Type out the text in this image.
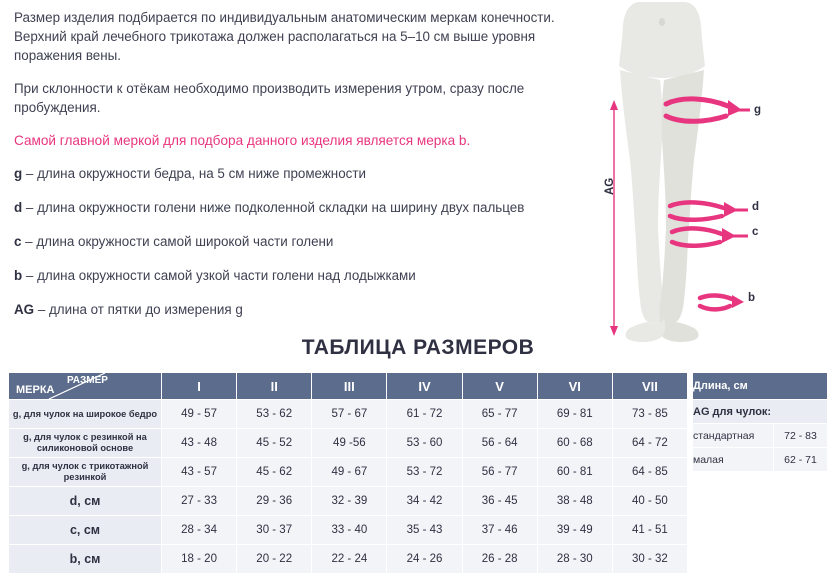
Размер изделия подбирается по индивидуальным анатомическим меркам конечности. Верхний край лечебного трикотажа должен располагаться на 5–10 см выше уровня поражения вены.
При склонности к отёкам необходимо производить измерения утром, сразу после пробуждения.
Самой главной меркой для подбора данного изделия является мерка b.
g – длина окружности бедра, на 5 см ниже промежности
d – длина окружности голени ниже подколенной складки на ширину двух пальцев
c – длина окружности самой широкой части голени
b – длина окружности самой узкой части голени над лодыжками
AG – длина от пятки до измерения g
g
d
c
b
AG
ТАБЛИЦА РАЗМЕРОВ
МЕРКА
РАЗМЕР	I	II	III	IV	V	VI	VII
g, для чулок на широкое бедро	49 - 57	53 - 62	57 - 67	61 - 72	65 - 77	69 - 81	73 - 85
g, для чулок с резинкой на силиконовой основе	43 - 48	45 - 52	49 -56	53 - 60	56 - 64	60 - 68	64 - 72
g, для чулок с трикотажной резинкой	43 - 57	45 - 62	49 - 67	53 - 72	56 - 77	60 - 81	64 - 85
d, см	27 - 33	29 - 36	32 - 39	34 - 42	36 - 45	38 - 48	40 - 50
c, см	28 - 34	30 - 37	33 - 40	35 - 43	37 - 46	39 - 49	41 - 51
b, см	18 - 20	20 - 22	22 - 24	24 - 26	26 - 28	28 - 30	30 - 32
Длина, см	
AG для чулок:	
стандартная	72 - 83
малая	62 - 71
